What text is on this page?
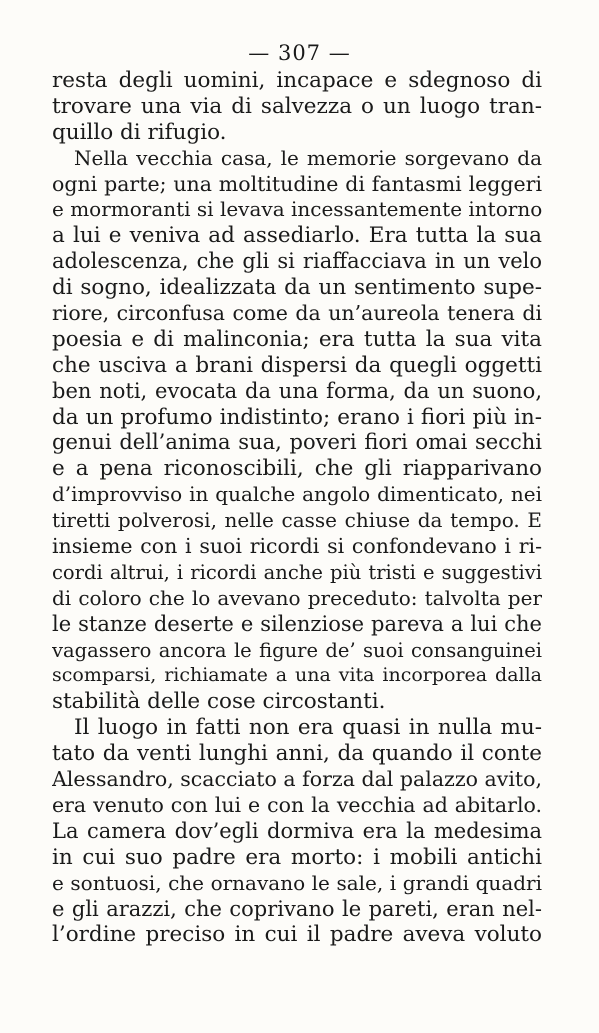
— 307 —
resta degli uomini, incapace e sdegnoso di
trovare una via di salvezza o un luogo tran-
quillo di rifugio.
Nella vecchia casa, le memorie sorgevano da
ogni parte; una moltitudine di fantasmi leggeri
e mormoranti si levava incessantemente intorno
a lui e veniva ad assediarlo. Era tutta la sua
adolescenza, che gli si riaffacciava in un velo
di sogno, idealizzata da un sentimento supe-
riore, circonfusa come da un’aureola tenera di
poesia e di malinconia; era tutta la sua vita
che usciva a brani dispersi da quegli oggetti
ben noti, evocata da una forma, da un suono,
da un profumo indistinto; erano i fiori più in-
genui dell’anima sua, poveri fiori omai secchi
e a pena riconoscibili, che gli riapparivano
d’improvviso in qualche angolo dimenticato, nei
tiretti polverosi, nelle casse chiuse da tempo. E
insieme con i suoi ricordi si confondevano i ri-
cordi altrui, i ricordi anche più tristi e suggestivi
di coloro che lo avevano preceduto: talvolta per
le stanze deserte e silenziose pareva a lui che
vagassero ancora le figure de’ suoi consanguinei
scomparsi, richiamate a una vita incorporea dalla
stabilità delle cose circostanti.
Il luogo in fatti non era quasi in nulla mu-
tato da venti lunghi anni, da quando il conte
Alessandro, scacciato a forza dal palazzo avito,
era venuto con lui e con la vecchia ad abitarlo.
La camera dov’egli dormiva era la medesima
in cui suo padre era morto: i mobili antichi
e sontuosi, che ornavano le sale, i grandi quadri
e gli arazzi, che coprivano le pareti, eran nel-
l’ordine preciso in cui il padre aveva voluto
